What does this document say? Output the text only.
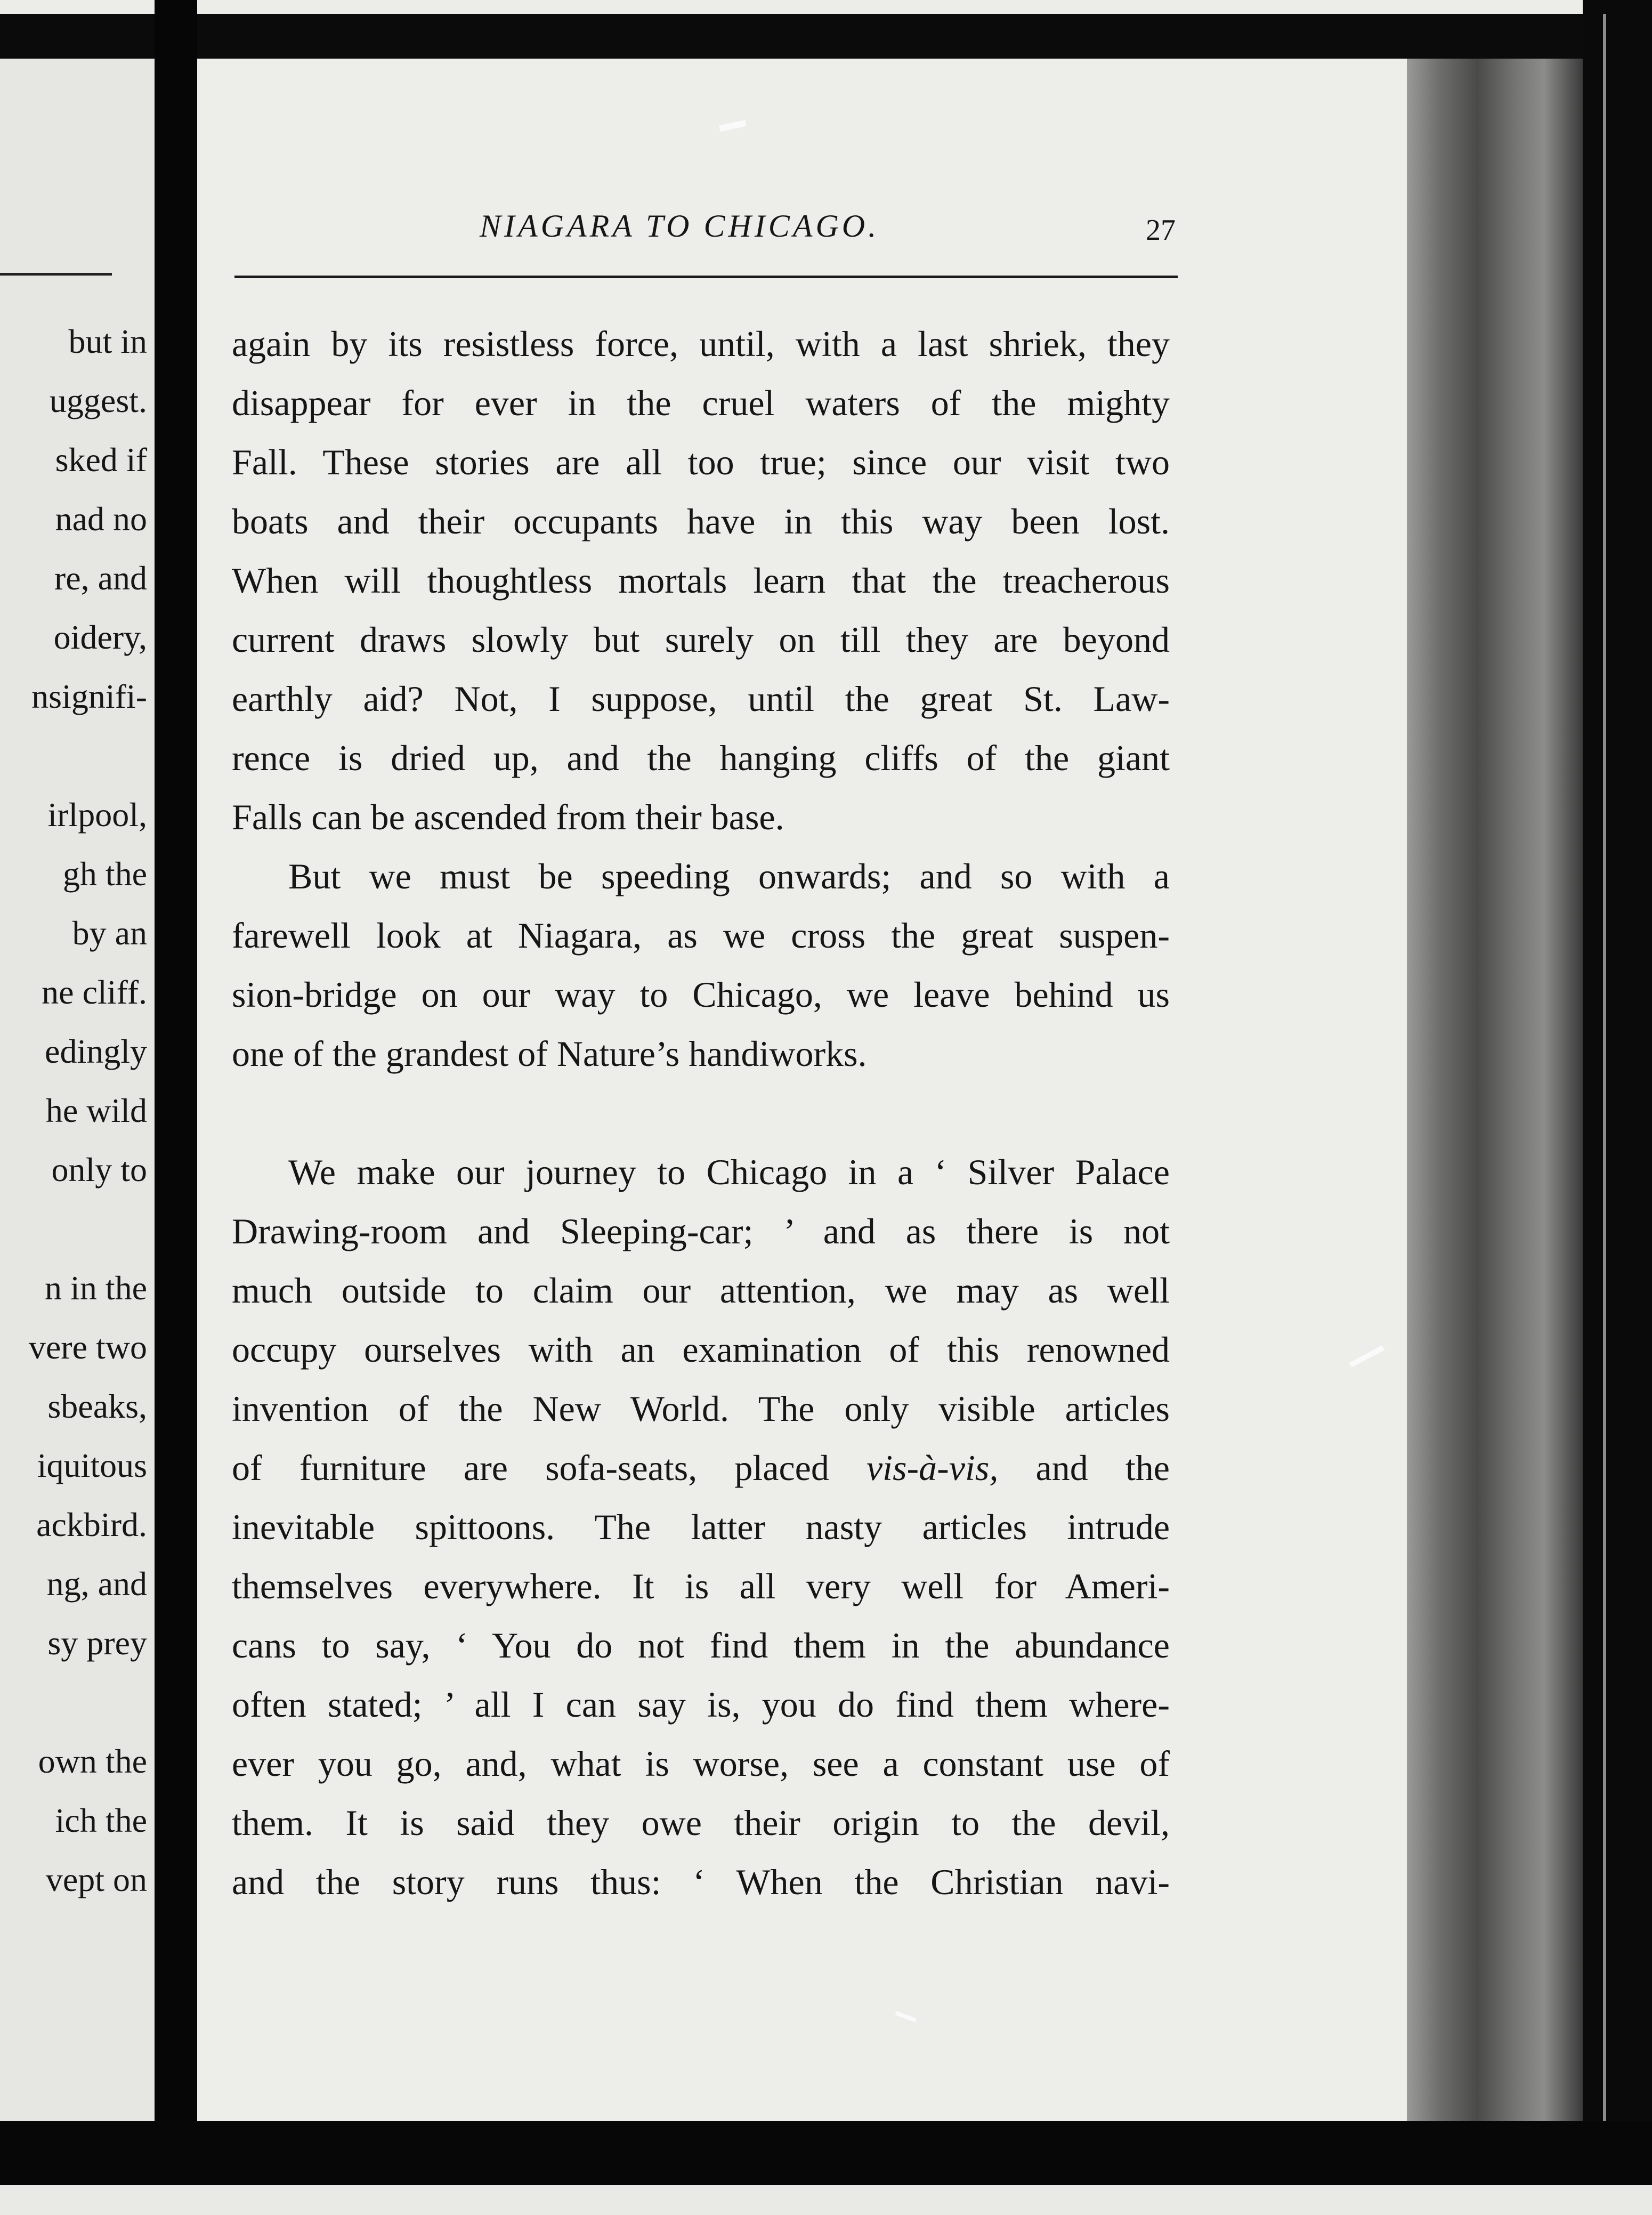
but in
uggest.
sked if
nad no
re, and
oidery,
nsignifi-
irlpool,
gh the
by an
ne cliff.
edingly
he wild
only to
n in the
vere two
sbeaks,
iquitous
ackbird.
ng, and
sy prey
own the
ich the
vept on
NIAGARA TO CHICAGO.	27
again by its resistless force, until, with a last shriek, they
disappear for ever in the cruel waters of the mighty
Fall. These stories are all too true; since our visit two
boats and their occupants have in this way been lost.
When will thoughtless mortals learn that the treacherous
current draws slowly but surely on till they are beyond
earthly aid? Not, I suppose, until the great St. Law-
rence is dried up, and the hanging cliffs of the giant
Falls can be ascended from their base.
But we must be speeding onwards; and so with a
farewell look at Niagara, as we cross the great suspen-
sion-bridge on our way to Chicago, we leave behind us
one of the grandest of Nature’s handiworks.
We make our journey to Chicago in a ‘ Silver Palace
Drawing-room and Sleeping-car; ’ and as there is not
much outside to claim our attention, we may as well
occupy ourselves with an examination of this renowned
invention of the New World. The only visible articles
of furniture are sofa-seats, placed vis-à-vis, and the
inevitable spittoons. The latter nasty articles intrude
themselves everywhere. It is all very well for Ameri-
cans to say, ‘ You do not find them in the abundance
often stated; ’ all I can say is, you do find them where-
ever you go, and, what is worse, see a constant use of
them. It is said they owe their origin to the devil,
and the story runs thus: ‘ When the Christian navi-
